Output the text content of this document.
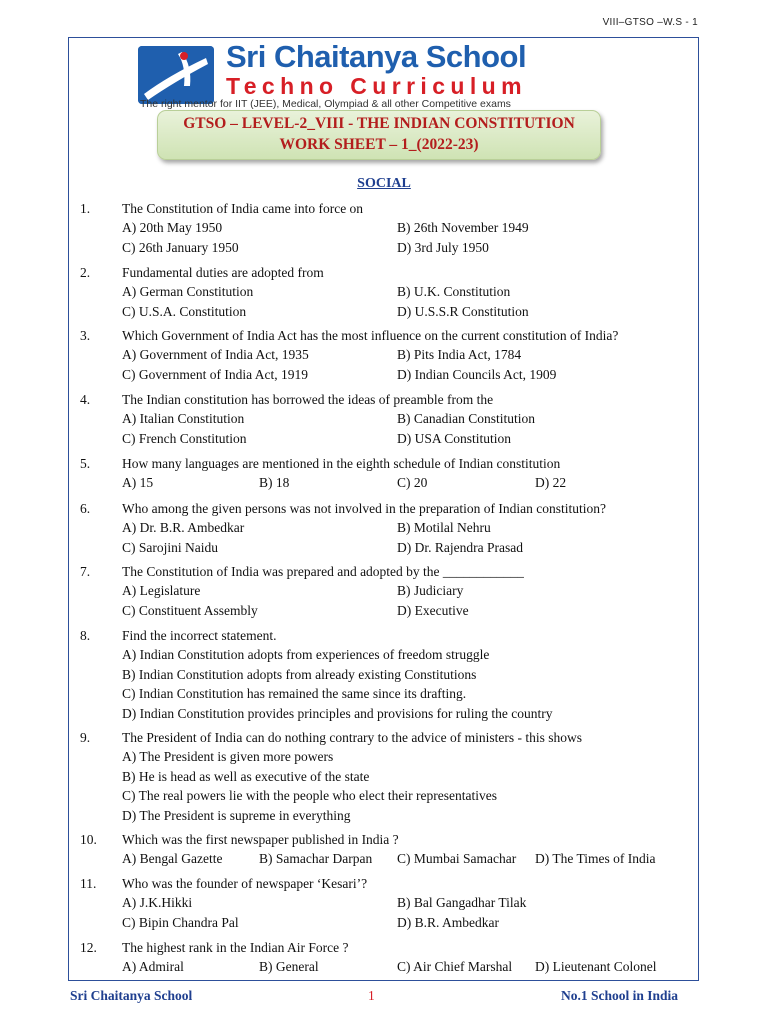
VIII–GTSO –W.S - 1
Sri Chaitanya School
Techno Curriculum
The right mentor for IIT (JEE), Medical, Olympiad & all other Competitive exams
GTSO – LEVEL-2_VIII - THE INDIAN CONSTITUTION
WORK SHEET – 1_(2022-23)
SOCIAL
1. The Constitution of India came into force on
A) 20th May 1950	B) 26th November 1949
C) 26th January 1950	D) 3rd July 1950
2. Fundamental duties are adopted from
A) German Constitution	B) U.K. Constitution
C) U.S.A. Constitution	D) U.S.S.R Constitution
3. Which Government of India Act has the most influence on the current constitution of India?
A) Government of India Act, 1935	B) Pits India Act, 1784
C) Government of India Act, 1919	D) Indian Councils Act, 1909
4. The Indian constitution has borrowed the ideas of preamble from the
A) Italian Constitution	B) Canadian Constitution
C) French Constitution	D) USA Constitution
5. How many languages are mentioned in the eighth schedule of Indian constitution
A) 15	B) 18	C) 20	D) 22
6. Who among the given persons was not involved in the preparation of Indian constitution?
A) Dr. B.R. Ambedkar	B) Motilal Nehru
C) Sarojini Naidu	D) Dr. Rajendra Prasad
7. The Constitution of India was prepared and adopted by the ____________
A) Legislature	B) Judiciary
C) Constituent Assembly	D) Executive
8. Find the incorrect statement.
A) Indian Constitution adopts from experiences of freedom struggle
B) Indian Constitution adopts from already existing Constitutions
C) Indian Constitution has remained the same since its drafting.
D) Indian Constitution provides principles and provisions for ruling the country
9. The President of India can do nothing contrary to the advice of ministers - this shows
A) The President is given more powers
B) He is head as well as executive of the state
C) The real powers lie with the people who elect their representatives
D) The President is supreme in everything
10. Which was the first newspaper published in India ?
A) Bengal Gazette	B) Samachar Darpan C) Mumbai Samachar D) The Times of India
11. Who was the founder of newspaper ‘Kesari’?
A) J.K.Hikki	B) Bal Gangadhar Tilak
C) Bipin Chandra Pal	D) B.R. Ambedkar
12. The highest rank in the Indian Air Force ?
A) Admiral	B) General	C) Air Chief Marshal D) Lieutenant Colonel
Sri Chaitanya School	1	No.1 School in India
